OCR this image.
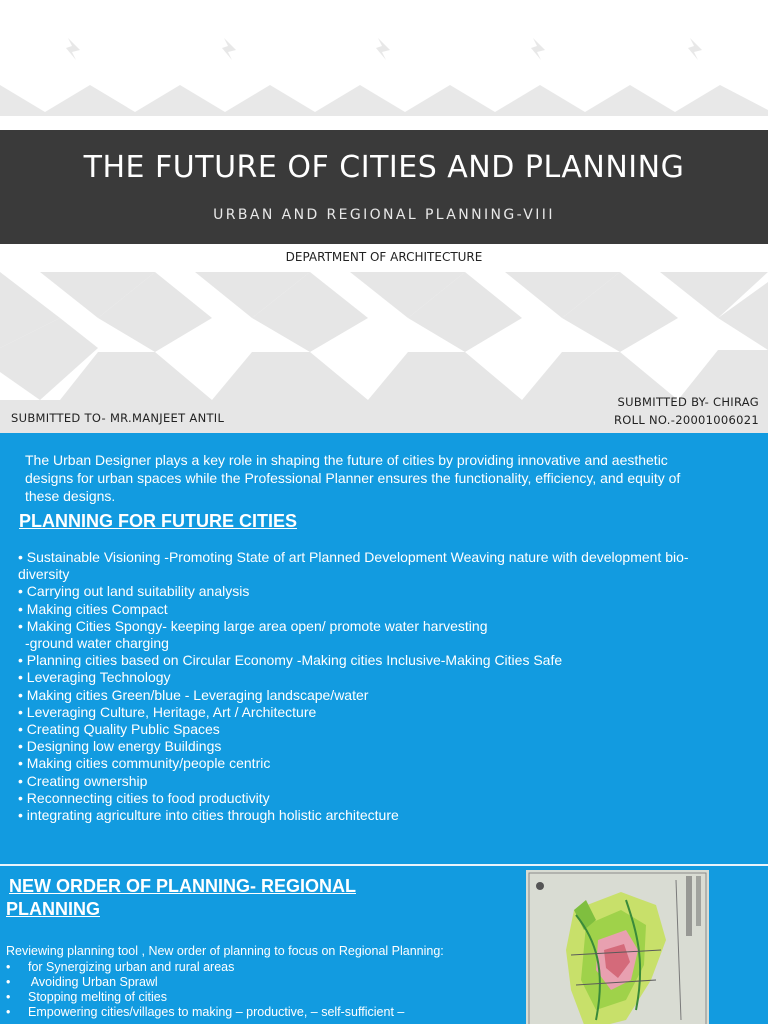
THE FUTURE OF CITIES AND PLANNING
URBAN AND REGIONAL PLANNING-VIII
DEPARTMENT OF ARCHITECTURE
SUBMITTED TO- MR.MANJEET ANTIL
SUBMITTED BY- CHIRAG
ROLL NO.-20001006021

The Urban Designer plays a key role in shaping the future of cities by providing innovative and aesthetic designs for urban spaces while the Professional Planner ensures the functionality, efficiency, and equity of these designs.

PLANNING FOR FUTURE CITIES
• Sustainable Visioning -Promoting State of art Planned Development Weaving nature with development bio-diversity
• Carrying out land suitability analysis
• Making cities Compact
• Making Cities Spongy- keeping large area open/ promote water harvesting
-ground water charging
• Planning cities based on Circular Economy -Making cities Inclusive-Making Cities Safe
• Leveraging Technology
• Making cities Green/blue - Leveraging landscape/water
• Leveraging Culture, Heritage, Art / Architecture
• Creating Quality Public Spaces
• Designing low energy Buildings
• Making cities community/people centric
• Creating ownership
• Reconnecting cities to food productivity
• integrating agriculture into cities through holistic architecture
NEW ORDER OF PLANNING- REGIONAL
PLANNING
Reviewing planning tool , New order of planning to focus on Regional Planning:
• for Synergizing urban and rural areas
• Avoiding Urban Sprawl
• Stopping melting of cities
• Empowering cities/villages to making – productive, – self-sufficient –
